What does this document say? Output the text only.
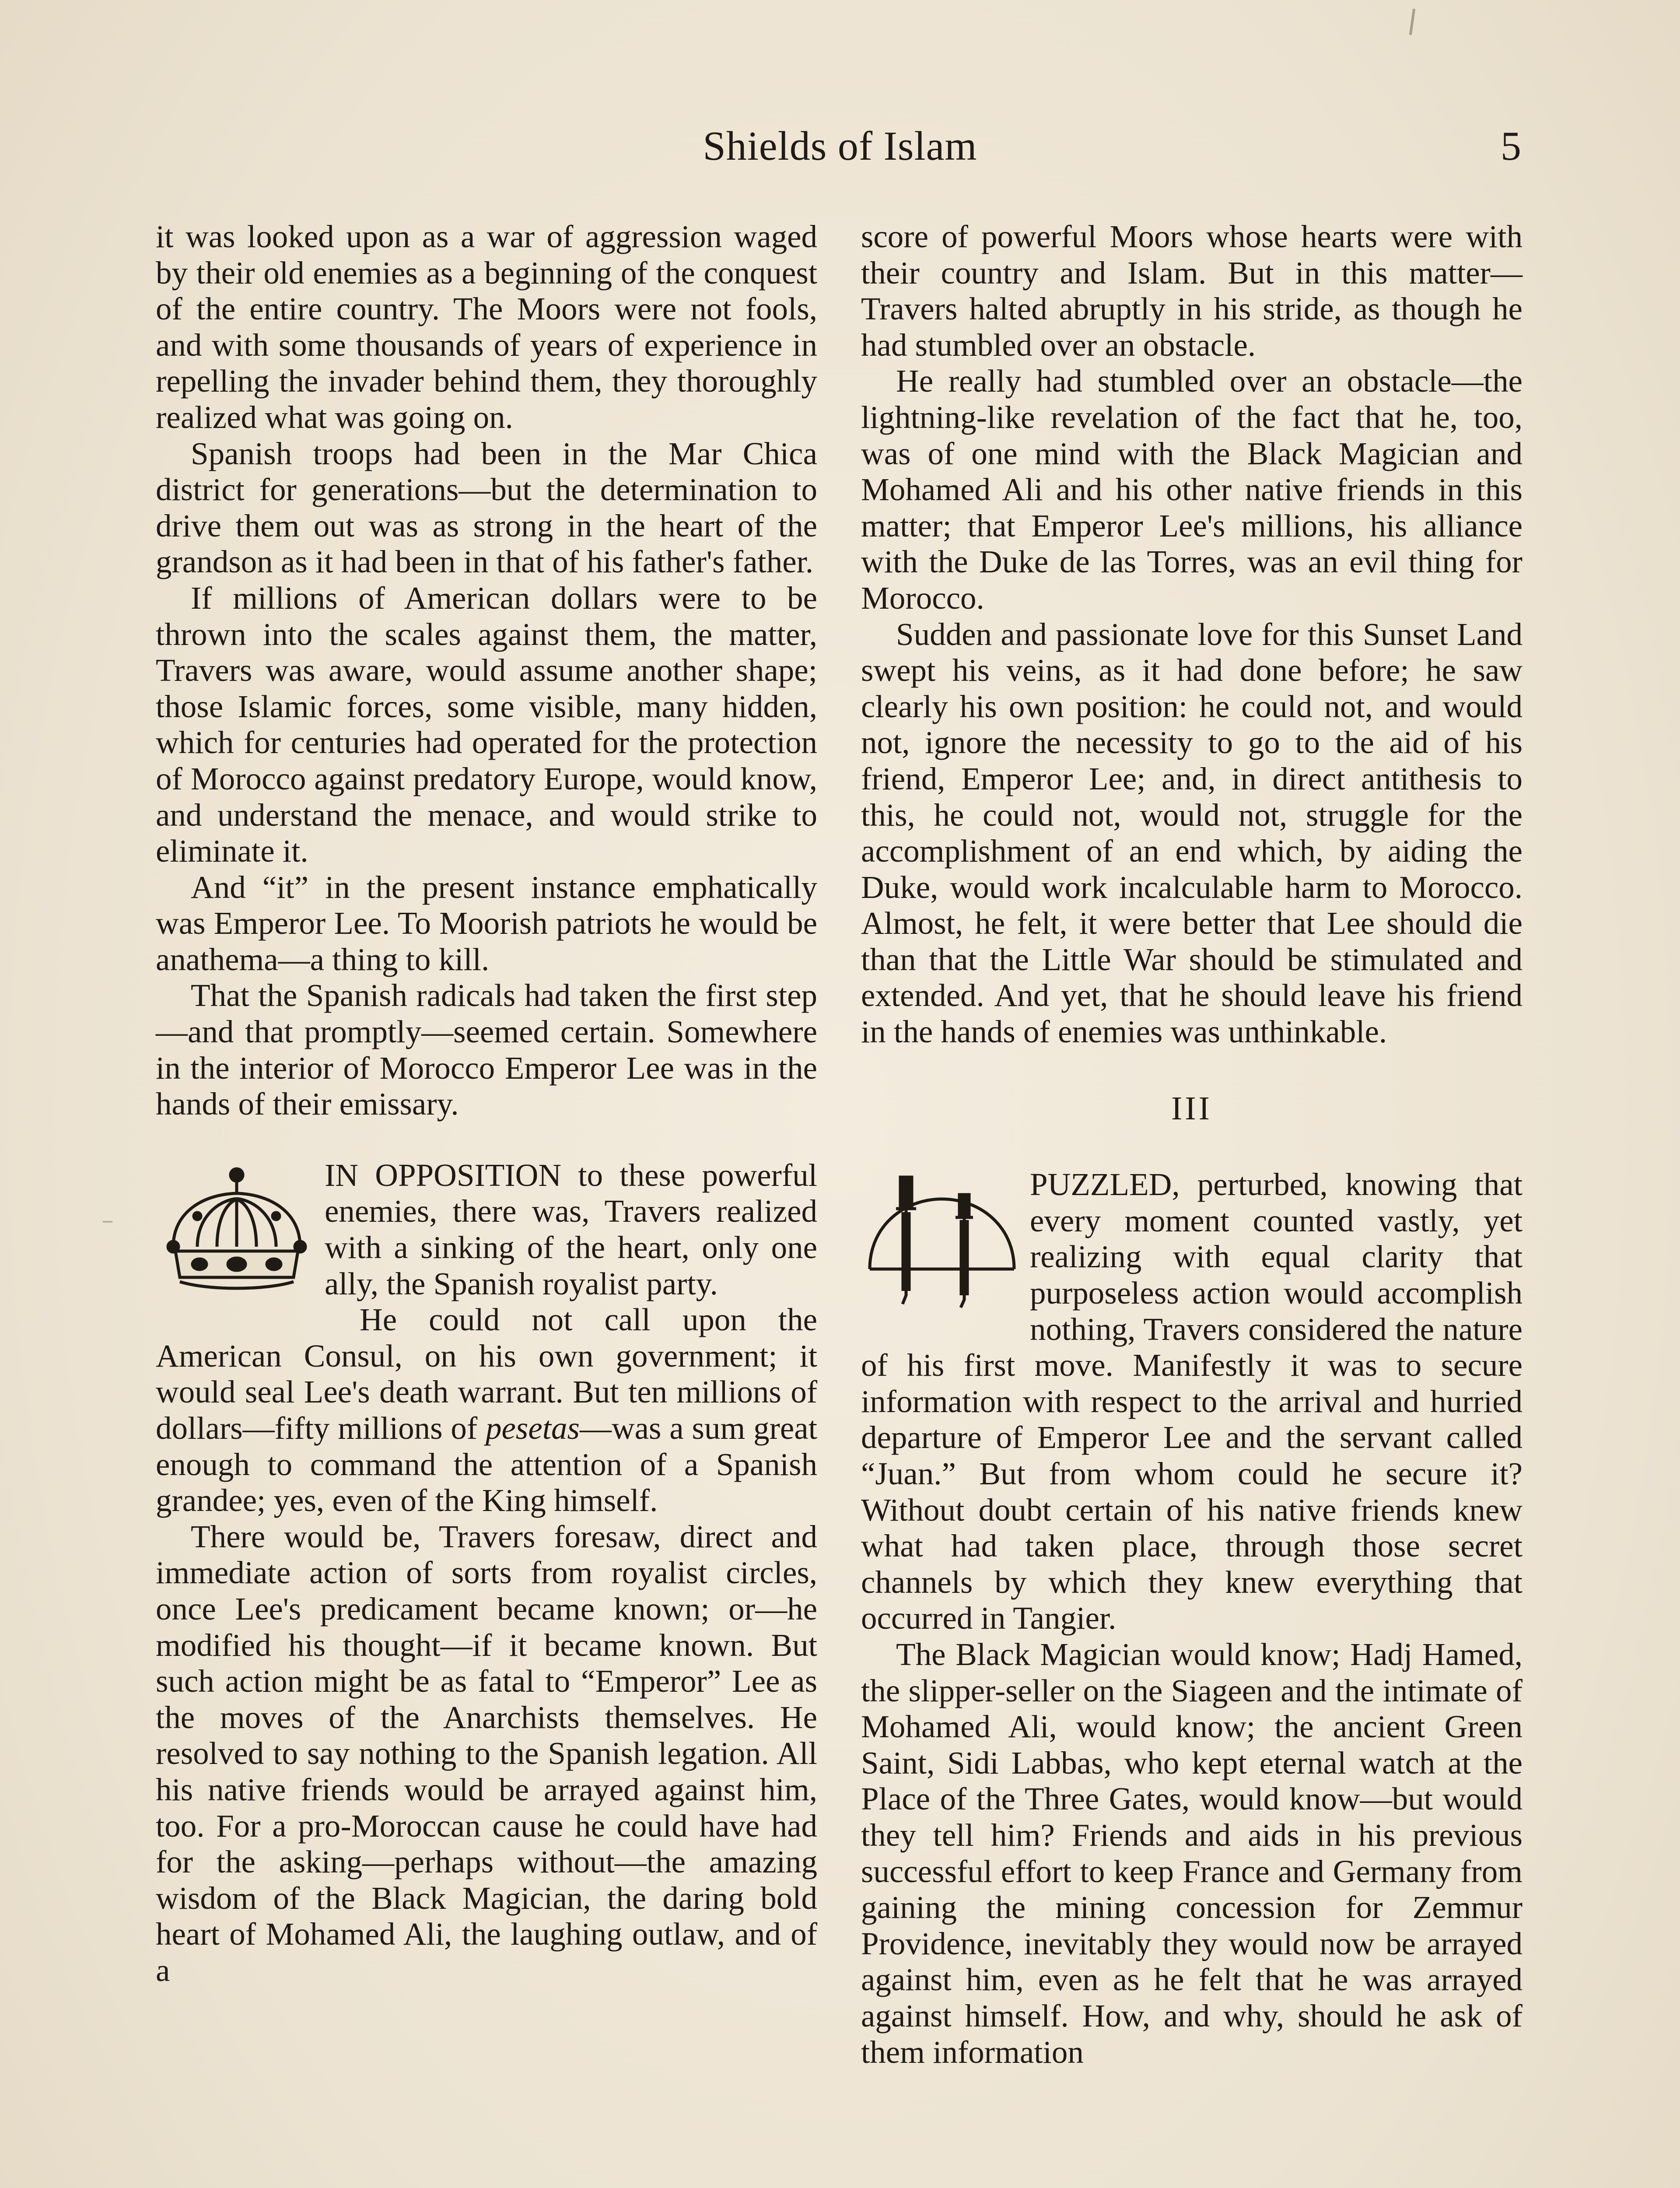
Shields of Islam	5

it was looked upon as a war of aggression waged by their old enemies as a beginning of the conquest of the entire country. The Moors were not fools, and with some thousands of years of experience in repelling the invader behind them, they thoroughly realized what was going on.

Spanish troops had been in the Mar Chica district for generations—but the determination to drive them out was as strong in the heart of the grandson as it had been in that of his father's father.

If millions of American dollars were to be thrown into the scales against them, the matter, Travers was aware, would assume another shape; those Islamic forces, some visible, many hidden, which for centuries had operated for the protection of Morocco against predatory Europe, would know, and understand the menace, and would strike to eliminate it.

And “it” in the present instance emphatically was Emperor Lee. To Moorish patriots he would be anathema—a thing to kill.

That the Spanish radicals had taken the first step—and that promptly—seemed certain. Somewhere in the interior of Morocco Emperor Lee was in the hands of their emissary.

IN OPPOSITION to these powerful enemies, there was, Travers realized with a sinking of the heart, only one ally, the Spanish royalist party.

He could not call upon the American Consul, on his own government; it would seal Lee's death warrant. But ten millions of dollars—fifty millions of pesetas—was a sum great enough to command the attention of a Spanish grandee; yes, even of the King himself.

There would be, Travers foresaw, direct and immediate action of sorts from royalist circles, once Lee's predicament became known; or—he modified his thought—if it became known. But such action might be as fatal to “Emperor” Lee as the moves of the Anarchists themselves. He resolved to say nothing to the Spanish legation. All his native friends would be arrayed against him, too. For a pro-Moroccan cause he could have had for the asking—perhaps without—the amazing wisdom of the Black Magician, the daring bold heart of Mohamed Ali, the laughing outlaw, and of a

score of powerful Moors whose hearts were with their country and Islam. But in this matter—Travers halted abruptly in his stride, as though he had stumbled over an obstacle.

He really had stumbled over an obstacle—the lightning-like revelation of the fact that he, too, was of one mind with the Black Magician and Mohamed Ali and his other native friends in this matter; that Emperor Lee's millions, his alliance with the Duke de las Torres, was an evil thing for Morocco.

Sudden and passionate love for this Sunset Land swept his veins, as it had done before; he saw clearly his own position: he could not, and would not, ignore the necessity to go to the aid of his friend, Emperor Lee; and, in direct antithesis to this, he could not, would not, struggle for the accomplishment of an end which, by aiding the Duke, would work incalculable harm to Morocco. Almost, he felt, it were better that Lee should die than that the Little War should be stimulated and extended. And yet, that he should leave his friend in the hands of enemies was unthinkable.

III

PUZZLED, perturbed, knowing that every moment counted vastly, yet realizing with equal clarity that purposeless action would accomplish nothing, Travers considered the nature of his first move. Manifestly it was to secure information with respect to the arrival and hurried departure of Emperor Lee and the servant called “Juan.” But from whom could he secure it? Without doubt certain of his native friends knew what had taken place, through those secret channels by which they knew everything that occurred in Tangier.

The Black Magician would know; Hadj Hamed, the slipper-seller on the Siageen and the intimate of Mohamed Ali, would know; the ancient Green Saint, Sidi Labbas, who kept eternal watch at the Place of the Three Gates, would know—but would they tell him? Friends and aids in his previous successful effort to keep France and Germany from gaining the mining concession for Zemmur Providence, inevitably they would now be arrayed against him, even as he felt that he was arrayed against himself. How, and why, should he ask of them information
